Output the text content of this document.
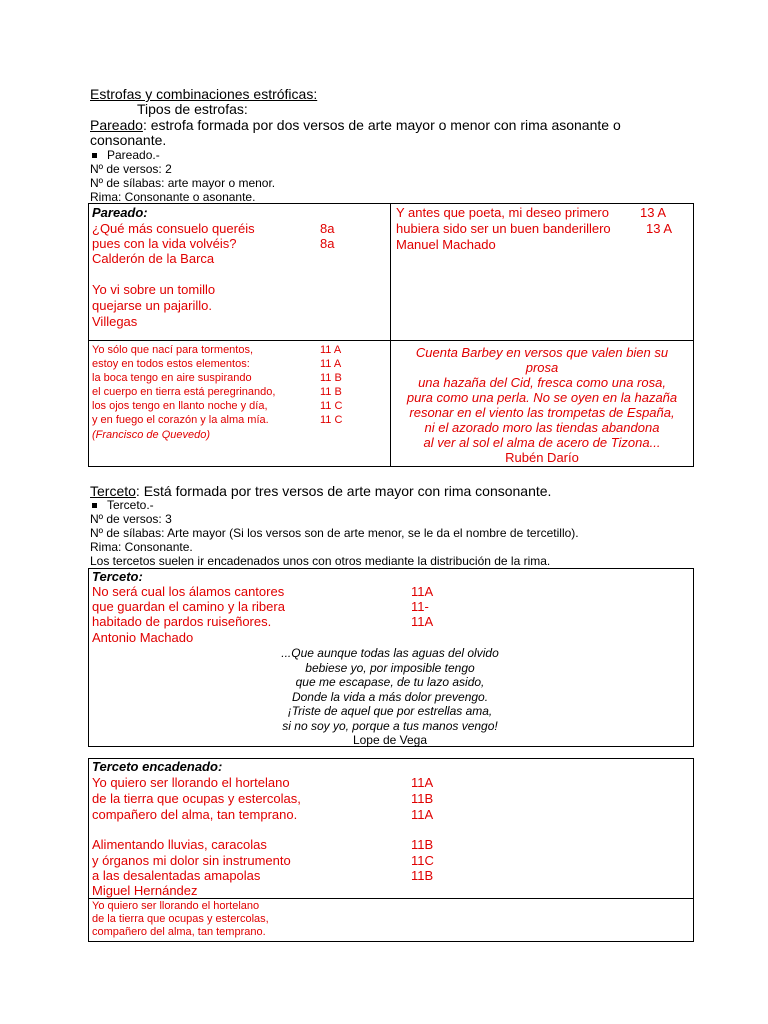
Estrofas y combinaciones estróficas:
Tipos de estrofas:
Pareado: estrofa formada por dos versos de arte mayor o menor con rima asonante o
consonante.
Pareado.-
Nº de versos: 2
Nº de sílabas: arte mayor o menor.
Rima: Consonante o asonante.
Pareado:
¿Qué más consuelo queréis	8a
pues con la vida volvéis?	8a
Calderón de la Barca
Yo vi sobre un tomillo
quejarse un pajarillo.
Villegas
Y antes que poeta, mi deseo primero 13 A
hubiera sido ser un buen banderillero	13 A
Manuel Machado
Yo sólo que nací para tormentos,	11 A
estoy en todos estos elementos:	11 A
la boca tengo en aire suspirando	11 B
el cuerpo en tierra está peregrinando,	11 B
los ojos tengo en llanto noche y día,	11 C
y en fuego el corazón y la alma mía.	11 C
(Francisco de Quevedo)
Cuenta Barbey en versos que valen bien su
prosa
una hazaña del Cid, fresca como una rosa,
pura como una perla. No se oyen en la hazaña
resonar en el viento las trompetas de España,
ni el azorado moro las tiendas abandona
al ver al sol el alma de acero de Tizona...
Rubén Darío
Terceto: Está formada por tres versos de arte mayor con rima consonante.
Terceto.-
Nº de versos: 3
Nº de sílabas: Arte mayor (Si los versos son de arte menor, se le da el nombre de tercetillo).
Rima: Consonante.
Los tercetos suelen ir encadenados unos con otros mediante la distribución de la rima.
Terceto:
No será cual los álamos cantores	11A
que guardan el camino y la ribera	11-
habitado de pardos ruiseñores.	11A
Antonio Machado
...Que aunque todas las aguas del olvido
bebiese yo, por imposible tengo
que me escapase, de tu lazo asido,
Donde la vida a más dolor prevengo.
¡Triste de aquel que por estrellas ama,
si no soy yo, porque a tus manos vengo!
Lope de Vega
Terceto encadenado:
Yo quiero ser llorando el hortelano	11A
de la tierra que ocupas y estercolas,	11B
compañero del alma, tan temprano.	11A
Alimentando lluvias, caracolas	11B
y órganos mi dolor sin instrumento	11C
a las desalentadas amapolas	11B
Miguel Hernández
Yo quiero ser llorando el hortelano
de la tierra que ocupas y estercolas,
compañero del alma, tan temprano.
